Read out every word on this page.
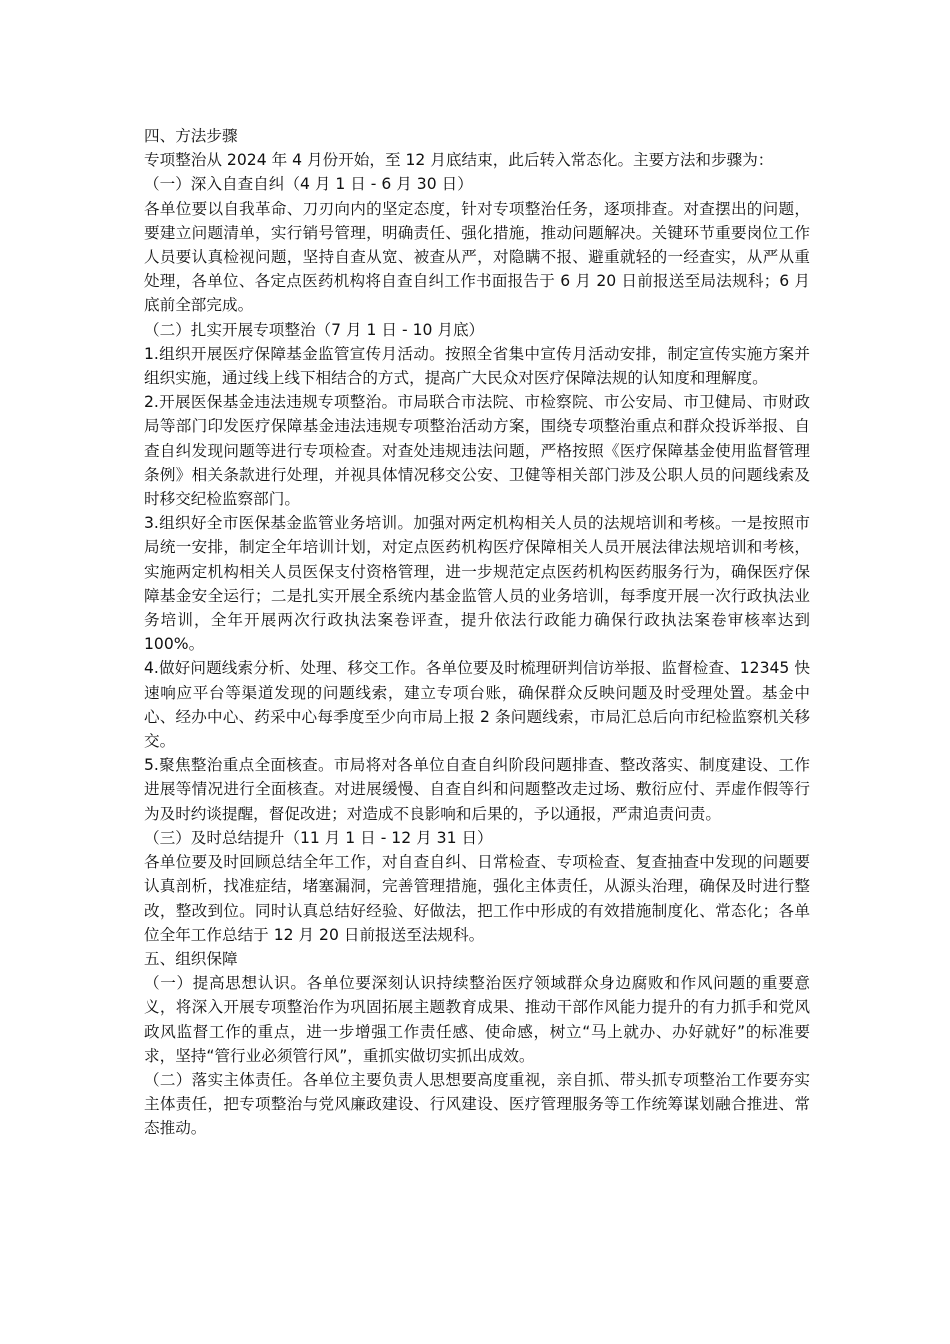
四、方法步骤

专项整治从 2024 年 4 月份开始，至 12 月底结束，此后转入常态化。主要方法和步骤为：

（一）深入自查自纠（4 月 1 日 - 6 月 30 日）

各单位要以自我革命、刀刃向内的坚定态度，针对专项整治任务，逐项排查。对查摆出的问题，要建立问题清单，实行销号管理，明确责任、强化措施，推动问题解决。关键环节重要岗位工作人员要认真检视问题，坚持自查从宽、被查从严，对隐瞒不报、避重就轻的一经查实，从严从重处理，各单位、各定点医药机构将自查自纠工作书面报告于 6 月 20 日前报送至局法规科；6 月底前全部完成。

（二）扎实开展专项整治（7 月 1 日 - 10 月底）

1.组织开展医疗保障基金监管宣传月活动。按照全省集中宣传月活动安排，制定宣传实施方案并组织实施，通过线上线下相结合的方式，提高广大民众对医疗保障法规的认知度和理解度。

2.开展医保基金违法违规专项整治。市局联合市法院、市检察院、市公安局、市卫健局、市财政局等部门印发医疗保障基金违法违规专项整治活动方案，围绕专项整治重点和群众投诉举报、自查自纠发现问题等进行专项检查。对查处违规违法问题，严格按照《医疗保障基金使用监督管理条例》相关条款进行处理，并视具体情况移交公安、卫健等相关部门涉及公职人员的问题线索及时移交纪检监察部门。

3.组织好全市医保基金监管业务培训。加强对两定机构相关人员的法规培训和考核。一是按照市局统一安排，制定全年培训计划，对定点医药机构医疗保障相关人员开展法律法规培训和考核，实施两定机构相关人员医保支付资格管理，进一步规范定点医药机构医药服务行为，确保医疗保障基金安全运行；二是扎实开展全系统内基金监管人员的业务培训，每季度开展一次行政执法业务培训，全年开展两次行政执法案卷评查，提升依法行政能力确保行政执法案卷审核率达到 100%。

4.做好问题线索分析、处理、移交工作。各单位要及时梳理研判信访举报、监督检查、12345 快速响应平台等渠道发现的问题线索，建立专项台账，确保群众反映问题及时受理处置。基金中心、经办中心、药采中心每季度至少向市局上报 2 条问题线索，市局汇总后向市纪检监察机关移交。

5.聚焦整治重点全面核查。市局将对各单位自查自纠阶段问题排查、整改落实、制度建设、工作进展等情况进行全面核查。对进展缓慢、自查自纠和问题整改走过场、敷衍应付、弄虚作假等行为及时约谈提醒，督促改进；对造成不良影响和后果的，予以通报，严肃追责问责。

（三）及时总结提升（11 月 1 日 - 12 月 31 日）

各单位要及时回顾总结全年工作，对自查自纠、日常检查、专项检查、复查抽查中发现的问题要认真剖析，找准症结，堵塞漏洞，完善管理措施，强化主体责任，从源头治理，确保及时进行整改，整改到位。同时认真总结好经验、好做法，把工作中形成的有效措施制度化、常态化；各单位全年工作总结于 12 月 20 日前报送至法规科。

五、组织保障

（一）提高思想认识。各单位要深刻认识持续整治医疗领域群众身边腐败和作风问题的重要意义，将深入开展专项整治作为巩固拓展主题教育成果、推动干部作风能力提升的有力抓手和党风政风监督工作的重点，进一步增强工作责任感、使命感，树立“马上就办、办好就好”的标准要求，坚持“管行业必须管行风”，重抓实做切实抓出成效。

（二）落实主体责任。各单位主要负责人思想要高度重视，亲自抓、带头抓专项整治工作要夯实主体责任，把专项整治与党风廉政建设、行风建设、医疗管理服务等工作统筹谋划融合推进、常态推动。
